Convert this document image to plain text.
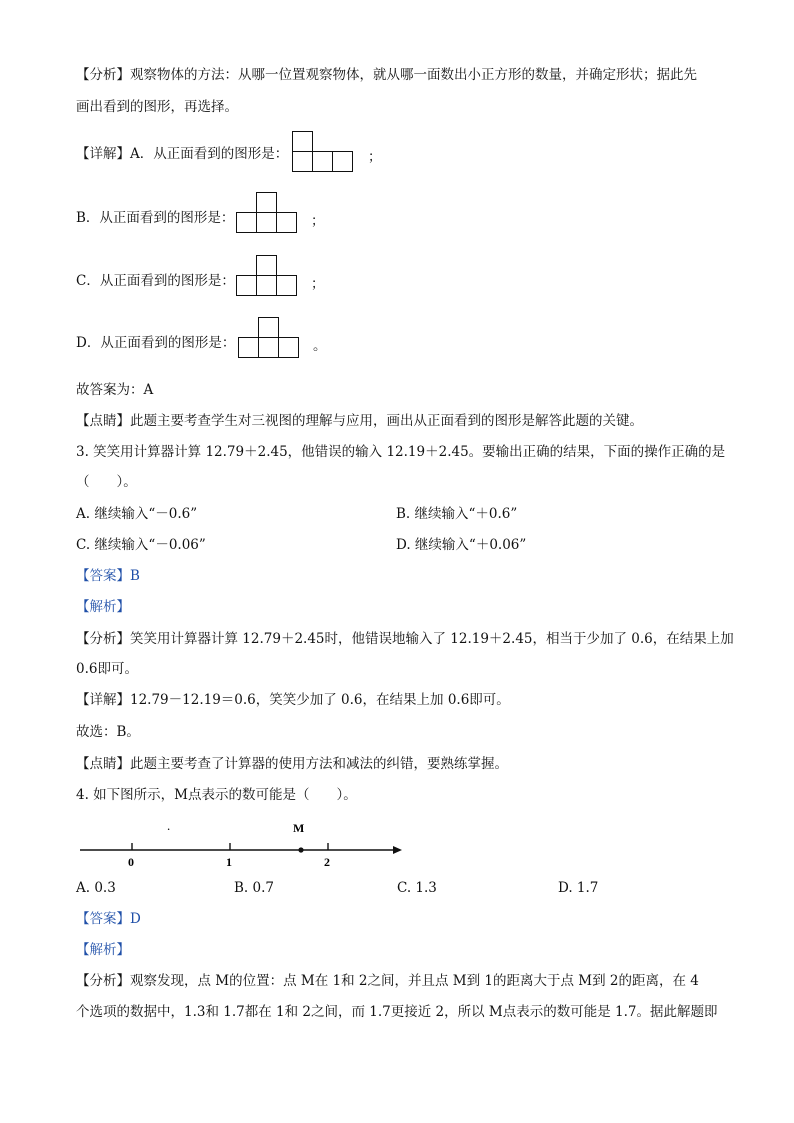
【分析】观察物体的方法：从哪一位置观察物体，就从哪一面数出小正方形的数量，并确定形状；据此先
画出看到的图形，再选择。
【详解】A．从正面看到的图形是：	；
B．从正面看到的图形是：	；
C．从正面看到的图形是：	；
D．从正面看到的图形是：	。
故答案为：A
【点睛】此题主要考查学生对三视图的理解与应用，画出从正面看到的图形是解答此题的关键。
3. 笑笑用计算器计算 12.79＋2.45，他错误的输入 12.19＋2.45。要输出正确的结果，下面的操作正确的是
（　　）。
A. 继续输入“－0.6”	B. 继续输入“＋0.6”
C. 继续输入“－0.06”	D. 继续输入“＋0.06”
【答案】B
【解析】
【分析】笑笑用计算器计算 12.79＋2.45时，他错误地输入了 12.19＋2.45，相当于少加了 0.6，在结果上加
0.6即可。
【详解】12.79－12.19＝0.6，笑笑少加了 0.6，在结果上加 0.6即可。
故选：B。
【点睛】此题主要考查了计算器的使用方法和减法的纠错，要熟练掌握。
4. 如下图所示，M点表示的数可能是（　　）。
.	M
0	1	2
A. 0.3	B. 0.7	C. 1.3	D. 1.7
【答案】D
【解析】
【分析】观察发现，点 M的位置：点 M在 1和 2之间，并且点 M到 1的距离大于点 M到 2的距离，在 4
个选项的数据中，1.3和 1.7都在 1和 2之间，而 1.7更接近 2，所以 M点表示的数可能是 1.7。据此解题即
